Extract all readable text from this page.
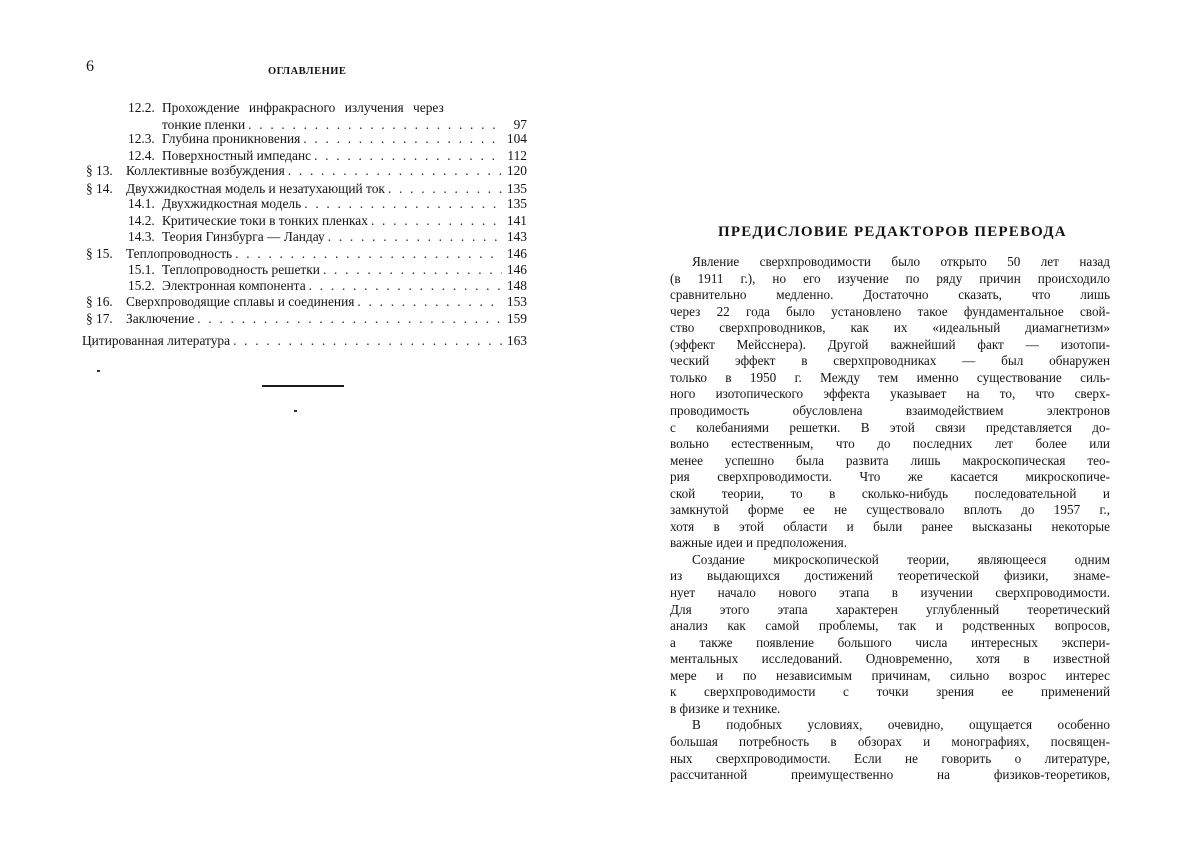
6	ОГЛАВЛЕНИЕ
12.2. Прохождение инфракрасного излучения через
тонкие пленки . . .	97
12.3. Глубина проникновения . . .	104
12.4. Поверхностный импеданс . . .	112
§ 13. Коллективные возбуждения . . .	120
§ 14. Двухжидкостная модель и незатухающий ток . . .	135
14.1. Двухжидкостная модель . . .	135
14.2. Критические токи в тонких пленках . . .	141
14.3. Теория Гинзбурга — Ландау . . .	143
§ 15. Теплопроводность . . .	146
15.1. Теплопроводность решетки . . .	146
15.2. Электронная компонента . . .	148
§ 16. Сверхпроводящие сплавы и соединения . . .	153
§ 17. Заключение . . .	159
Цитированная литература . . .	163
ПРЕДИСЛОВИЕ РЕДАКТОРОВ ПЕРЕВОДА
Явление сверхпроводимости было открыто 50 лет назад
(в 1911 г.), но его изучение по ряду причин происходило
сравнительно медленно. Достаточно сказать, что лишь
через 22 года было установлено такое фундаментальное свой-
ство сверхпроводников, как их «идеальный диамагнетизм»
(эффект Мейсснера). Другой важнейший факт — изотопи-
ческий эффект в сверхпроводниках — был обнаружен
только в 1950 г. Между тем именно существование силь-
ного изотопического эффекта указывает на то, что сверх-
проводимость обусловлена взаимодействием электронов
с колебаниями решетки. В этой связи представляется до-
вольно естественным, что до последних лет более или
менее успешно была развита лишь макроскопическая тео-
рия сверхпроводимости. Что же касается микроскопиче-
ской теории, то в сколько-нибудь последовательной и
замкнутой форме ее не существовало вплоть до 1957 г.,
хотя в этой области и были ранее высказаны некоторые
важные идеи и предположения.
Создание микроскопической теории, являющееся одним
из выдающихся достижений теоретической физики, знаме-
нует начало нового этапа в изучении сверхпроводимости.
Для этого этапа характерен углубленный теоретический
анализ как самой проблемы, так и родственных вопросов,
а также появление большого числа интересных экспери-
ментальных исследований. Одновременно, хотя в известной
мере и по независимым причинам, сильно возрос интерес
к сверхпроводимости с точки зрения ее применений
в физике и технике.
В подобных условиях, очевидно, ощущается особенно
большая потребность в обзорах и монографиях, посвящен-
ных сверхпроводимости. Если не говорить о литературе,
рассчитанной преимущественно на физиков-теоретиков,
